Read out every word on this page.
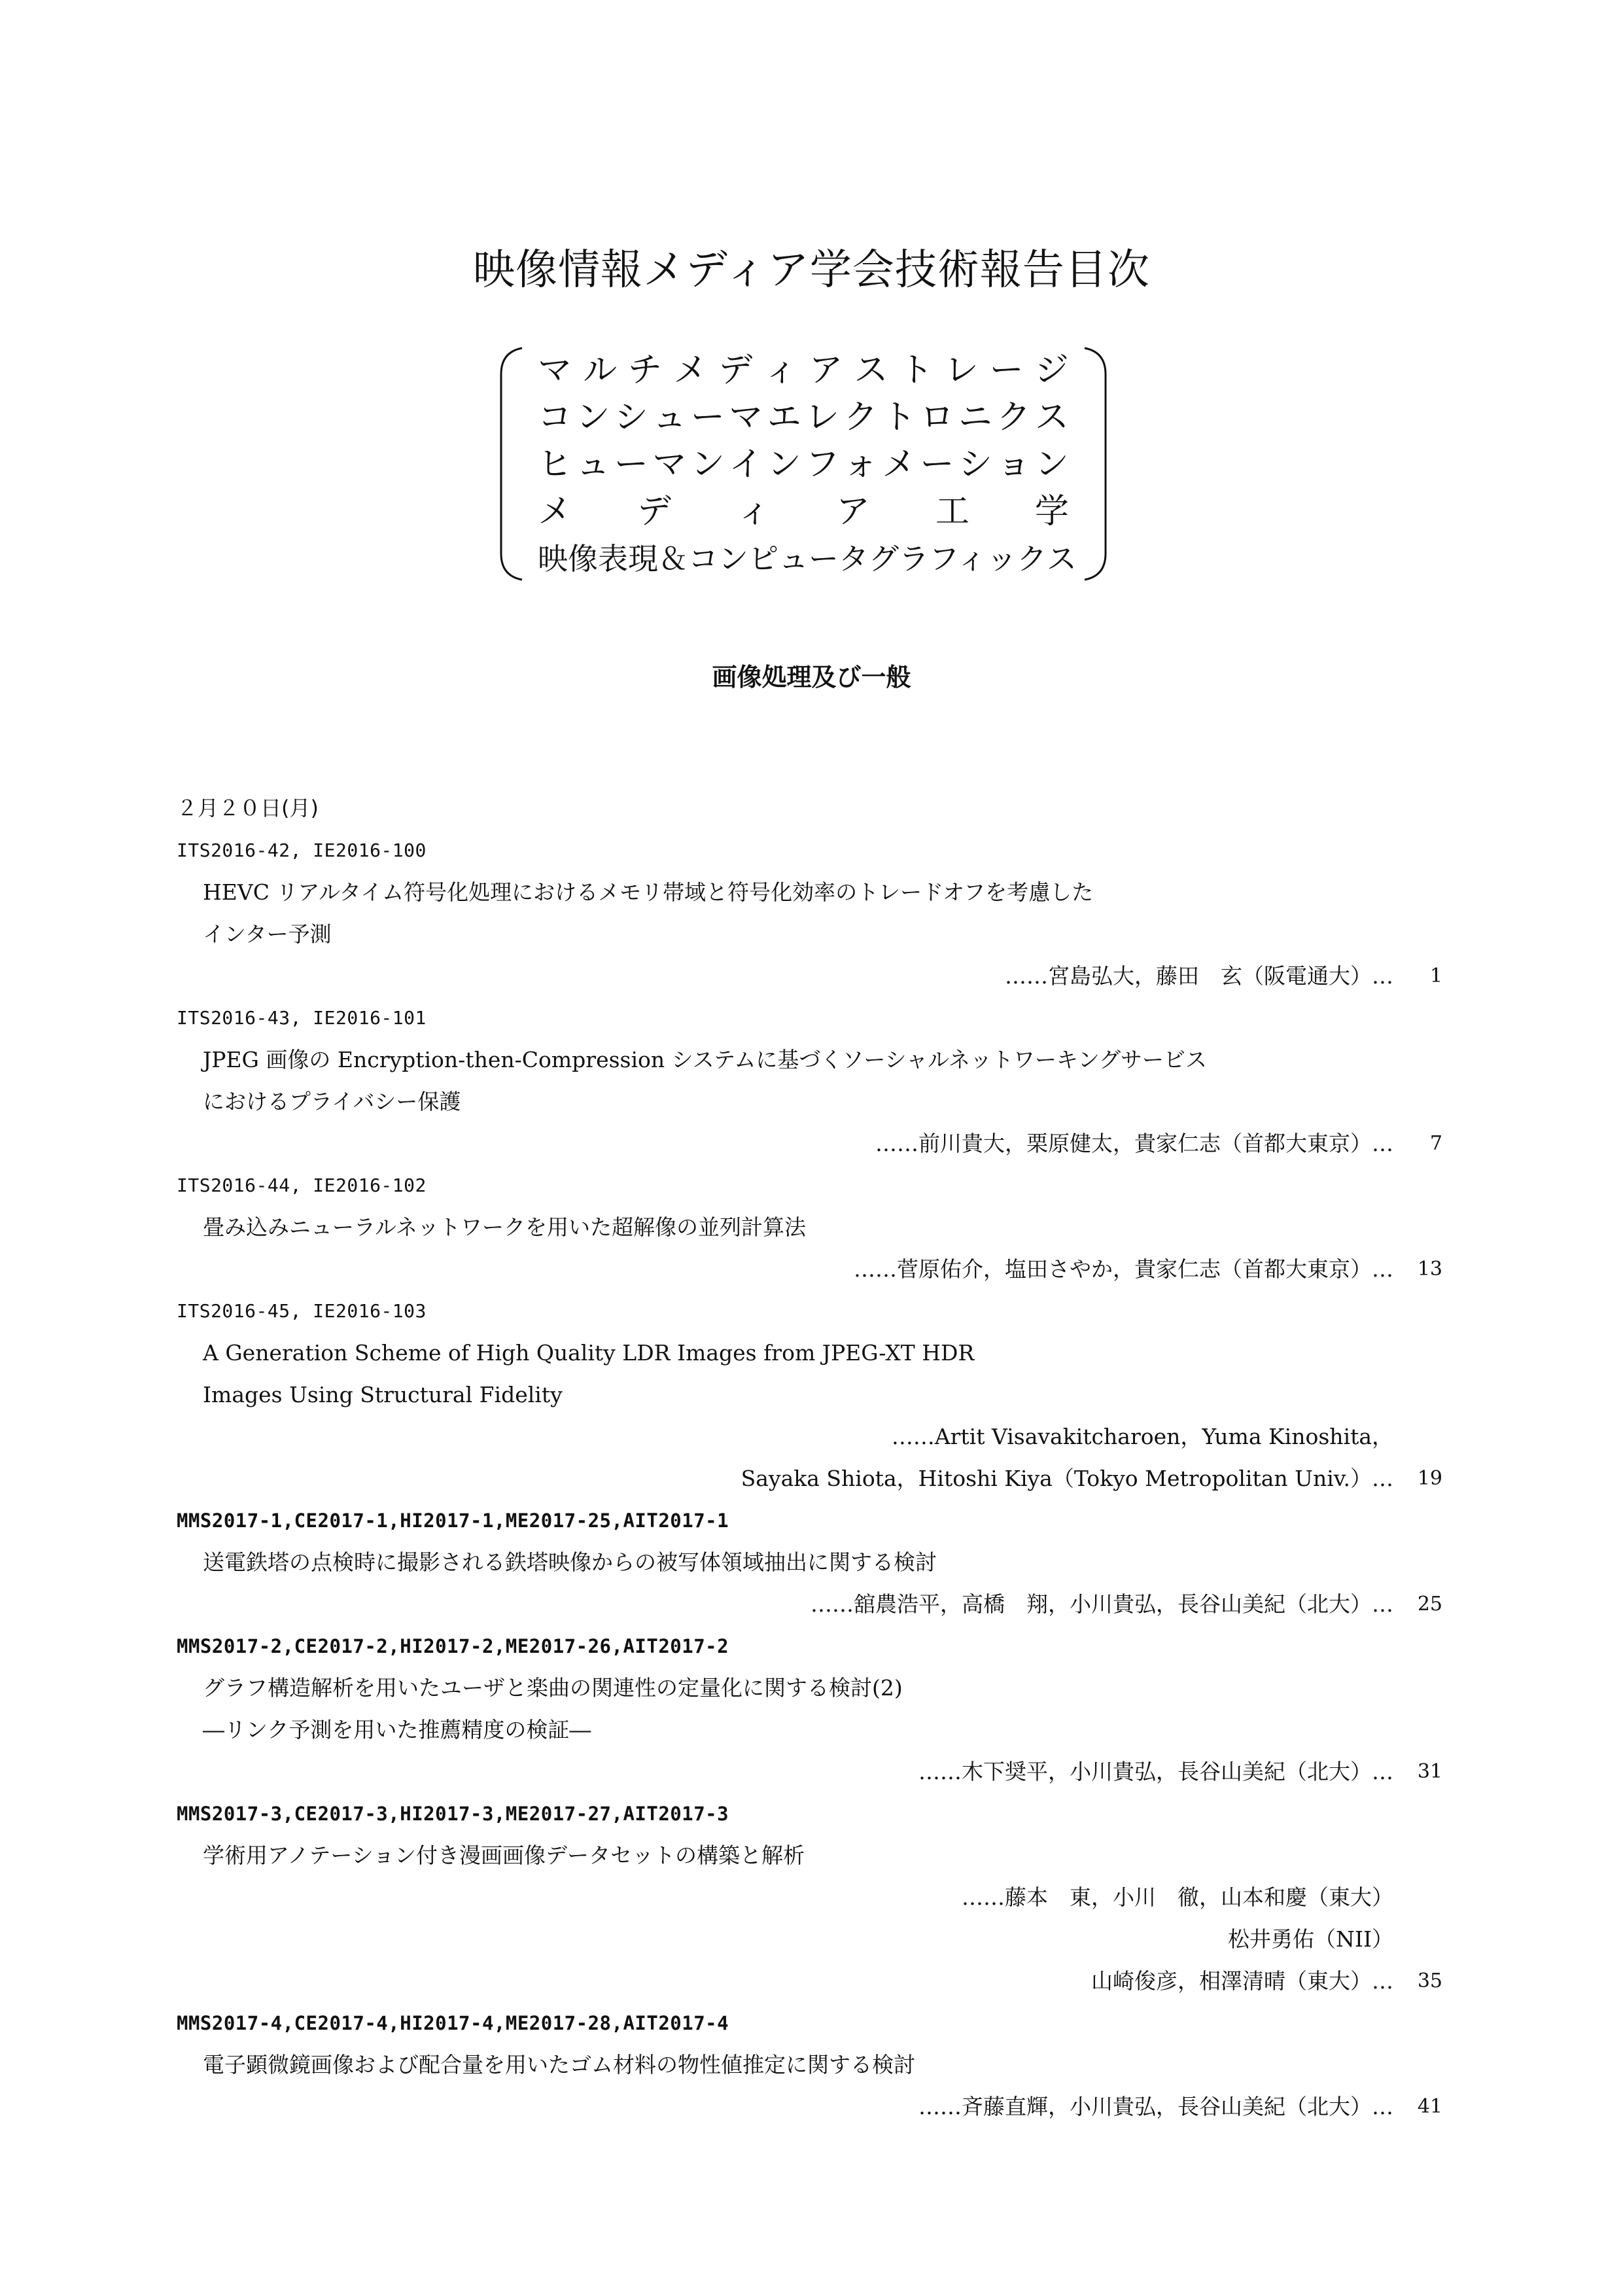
映像情報メディア学会技術報告目次
マ ル チ メ デ ィ ア ス ト レ ー ジ
コ ン シ ュ ー マ エ レ ク ト ロ ニ ク ス
ヒ ュ ー マ ン イ ン フ ォ メ ー シ ョ ン
メ デ ィ ア 工 学
映像表現＆コンピュータグラフィックス
画像処理及び一般
２月２０日(月)
ITS2016-42, IE2016-100
HEVC リアルタイム符号化処理におけるメモリ帯域と符号化効率のトレードオフを考慮した
インター予測
……宮島弘大，藤田　玄（阪電通大）… 1
ITS2016-43, IE2016-101
JPEG 画像の Encryption-then-Compression システムに基づくソーシャルネットワーキングサービス
におけるプライバシー保護
……前川貴大，栗原健太，貴家仁志（首都大東京）… 7
ITS2016-44, IE2016-102
畳み込みニューラルネットワークを用いた超解像の並列計算法
……菅原佑介，塩田さやか，貴家仁志（首都大東京）… 13
ITS2016-45, IE2016-103
A Generation Scheme of High Quality LDR Images from JPEG-XT HDR
Images Using Structural Fidelity
……Artit Visavakitcharoen，Yuma Kinoshita，
Sayaka Shiota，Hitoshi Kiya（Tokyo Metropolitan Univ.）… 19
MMS2017-1,CE2017-1,HI2017-1,ME2017-25,AIT2017-1
送電鉄塔の点検時に撮影される鉄塔映像からの被写体領域抽出に関する検討
……舘農浩平，高橋　翔，小川貴弘，長谷山美紀（北大）… 25
MMS2017-2,CE2017-2,HI2017-2,ME2017-26,AIT2017-2
グラフ構造解析を用いたユーザと楽曲の関連性の定量化に関する検討(2)
―リンク予測を用いた推薦精度の検証―
……木下奨平，小川貴弘，長谷山美紀（北大）… 31
MMS2017-3,CE2017-3,HI2017-3,ME2017-27,AIT2017-3
学術用アノテーション付き漫画画像データセットの構築と解析
……藤本　東，小川　徹，山本和慶（東大）
松井勇佑（NII）
山崎俊彦，相澤清晴（東大）… 35
MMS2017-4,CE2017-4,HI2017-4,ME2017-28,AIT2017-4
電子顕微鏡画像および配合量を用いたゴム材料の物性値推定に関する検討
……斉藤直輝，小川貴弘，長谷山美紀（北大）… 41
